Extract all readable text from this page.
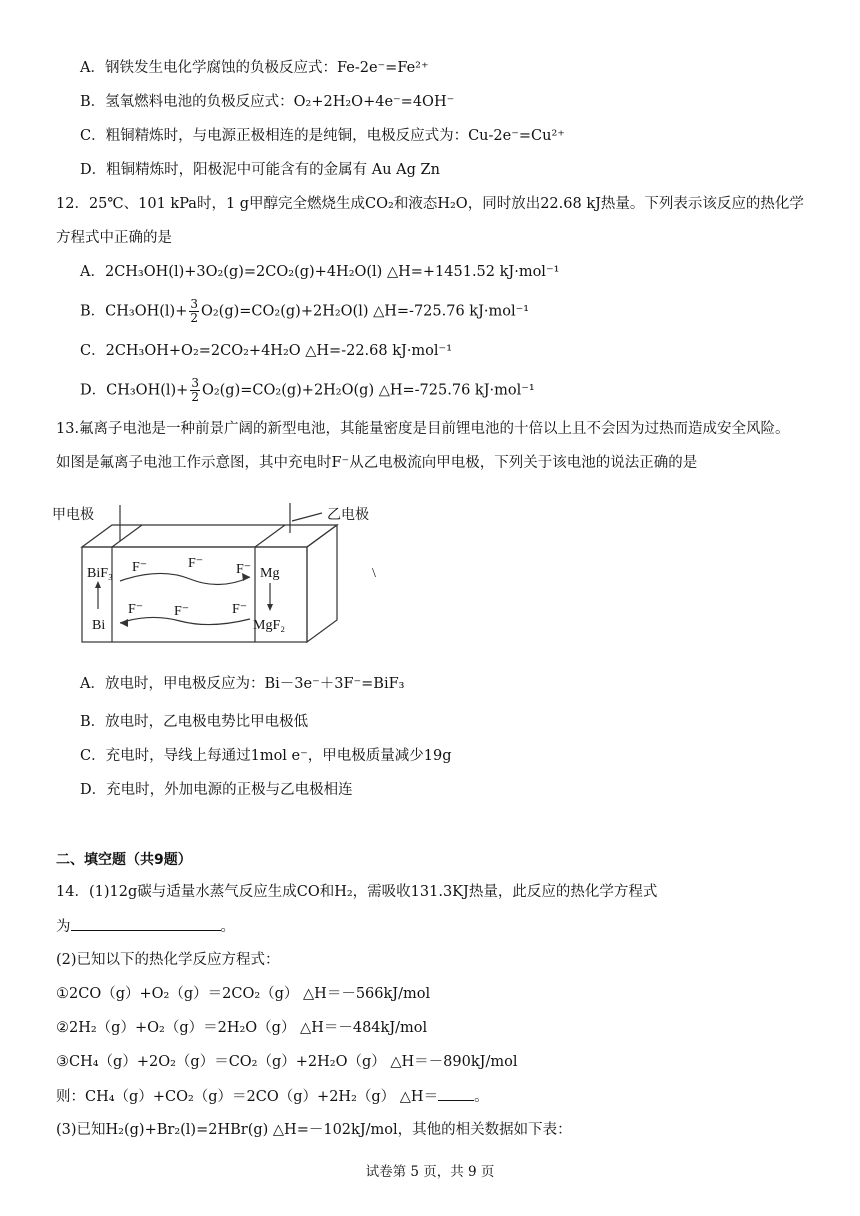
A．钢铁发生电化学腐蚀的负极反应式：Fe-2e⁻=Fe²⁺
B．氢氧燃料电池的负极反应式：O₂+2H₂O+4e⁻=4OH⁻
C．粗铜精炼时，与电源正极相连的是纯铜，电极反应式为：Cu-2e⁻=Cu²⁺
D．粗铜精炼时，阳极泥中可能含有的金属有 Au Ag Zn
12．25℃、101 kPa时，1 g甲醇完全燃烧生成CO₂和液态H₂O，同时放出22.68 kJ热量。下列表示该反应的热化学
方程式中正确的是
A．2CH₃OH(l)+3O₂(g)=2CO₂(g)+4H₂O(l) △H=+1451.52 kJ·mol⁻¹
B．$CH_3OH(l)+ \frac{3}{2} O_2(g)=CO_2(g)+2H_2O(l)$ △H=-725.76 kJ·mol⁻¹
C．2CH₃OH+O₂=2CO₂+4H₂O △H=-22.68 kJ·mol⁻¹
D．$CH_3OH(l)+ \frac{3}{2} O_2(g)=CO_2(g)+2H_2O(g)$ △H=-725.76 kJ·mol⁻¹
13.氟离子电池是一种前景广阔的新型电池，其能量密度是目前锂电池的十倍以上且不会因为过热而造成安全风险。
如图是氟离子电池工作示意图，其中充电时F⁻从乙电极流向甲电极，下列关于该电池的说法正确的是
甲电极	乙电极
BiF₃
Bi
Mg
MgF₂
F⁻	F⁻ F⁻
F⁻ F⁻	F⁻
\
A．放电时，甲电极反应为：Bi－3e⁻＋3F⁻=BiF₃
B．放电时，乙电极电势比甲电极低
C．充电时，导线上每通过1mol e⁻，甲电极质量减少19g
D．充电时，外加电源的正极与乙电极相连
二、填空题（共9题）
14．(1)12g碳与适量水蒸气反应生成CO和H₂，需吸收131.3KJ热量，此反应的热化学方程式
为	。
(2)已知以下的热化学反应方程式：
①2CO（g）+O₂（g）＝2CO₂（g） △H＝－566kJ/mol
②2H₂（g）+O₂（g）＝2H₂O（g） △H＝－484kJ/mol
③CH₄（g）+2O₂（g）＝CO₂（g）+2H₂O（g） △H＝－890kJ/mol
则：CH₄（g）+CO₂（g）＝2CO（g）+2H₂（g） △H＝ 。
(3)已知H₂(g)+Br₂(l)=2HBr(g) △H=－102kJ/mol，其他的相关数据如下表：
试卷第 5 页，共 9 页
